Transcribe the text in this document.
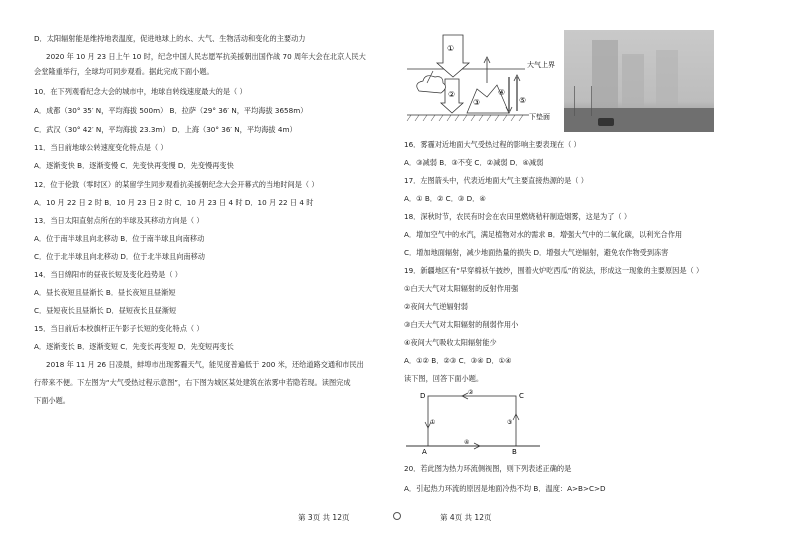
D．太阳辐射能是维持地表温度，促进地球上的水、大气、生物活动和变化的主要动力
2020 年 10 月 23 日上午 10 时，纪念中国人民志愿军抗美援朝出国作战 70 周年大会在北京人民大
会堂隆重举行，全球均可同步观看。据此完成下面小题。
10．在下列观看纪念大会的城市中，地球自转线速度最大的是（ ）
A．成都（30° 35′ N，平均海拔 500m） B．拉萨（29° 36′ N，平均海拔 3658m）
C．武汉（30° 42′ N，平均海拔 23.3m） D．上海（30° 36′ N，平均海拔 4m）
11．当日前地球公转速度变化特点是（ ）
A．逐渐变快 B．逐渐变慢 C．先变快再变慢 D．先变慢再变快
12．位于伦敦（零时区）的某留学生同步观看抗美援朝纪念大会开幕式的当地时间是（ ）
A．10 月 22 日 2 时 B．10 月 23 日 2 时 C．10 月 23 日 4 时 D．10 月 22 日 4 时
13．当日太阳直射点所在的半球及其移动方向是（ ）
A．位于南半球且向北移动 B．位于南半球且向南移动
C．位于北半球且向北移动 D．位于北半球且向南移动
14．当日绵阳市的昼夜长短及变化趋势是（ ）
A．昼长夜短且昼渐长 B．昼长夜短且昼渐短
C．昼短夜长且昼渐长 D．昼短夜长且昼渐短
15．当日前后本校旗杆正午影子长短的变化特点（ ）
A．逐渐变长 B．逐渐变短 C．先变长再变短 D．先变短再变长
2018 年 11 月 26 日凌晨，蚌埠市出现雾霾天气，能见度普遍低于 200 米，还给道路交通和市民出
行带来不便。下左图为“大气受热过程示意图”，右下图为城区某处建筑在浓雾中若隐若现。读图完成
下面小题。
①
②
③
④
⑤
大气上界
下垫面
16．雾霾对近地面大气受热过程的影响主要表现在（ ）
A．③减弱 B．③不变 C．②减弱 D．④减弱
17．左图箭头中，代表近地面大气主要直接热源的是（ ）
A．① B．② C．③ D．④
18．深秋时节，农民有时会在农田里燃烧秸秆制造烟雾，这是为了（ ）
A．增加空气中的水汽，满足植物对水的需求 B．增强大气中的二氧化碳，以利光合作用
C．增加地面辐射，减少地面热量的损失 D．增强大气逆辐射，避免农作物受到冻害
19．新疆地区有“早穿棉袄午披纱，围着火炉吃西瓜”的说法，形成这一现象的主要原因是（ ）
①白天大气对太阳辐射的反射作用强
②夜间大气逆辐射弱
③白天大气对太阳辐射的削弱作用小
④夜间大气吸收太阳辐射能少
A．①② B．②③ C．③④ D．①④
读下图，回答下面小题。
D	C
A	B
①
②
③
④
20．若此图为热力环流侧视图，则下列表述正确的是
A．引起热力环流的原因是地面冷热不均 B．温度：A>B>C>D
第 3页 共 12页	第 4页 共 12页
